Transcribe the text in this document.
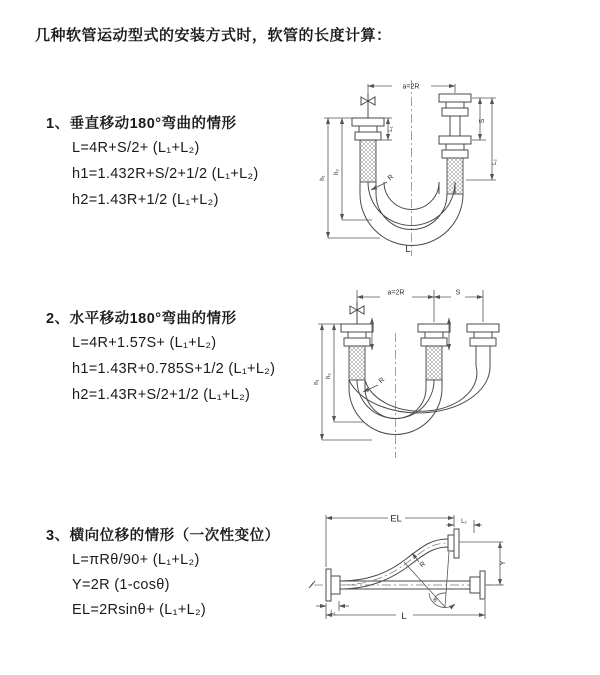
几种软管运动型式的安装方式时，软管的长度计算：
1、垂直移动180°弯曲的情形
L=4R+S/2+ (L₁+L₂)
h1=1.432R+S/2+1/2 (L₁+L₂)
h2=1.43R+1/2 (L₁+L₂)
2、水平移动180°弯曲的情形
L=4R+1.57S+ (L₁+L₂)
h1=1.43R+0.785S+1/2 (L₁+L₂)
h2=1.43R+S/2+1/2 (L₁+L₂)
3、横向位移的情形（一次性变位）
L=πRθ/90+ (L₁+L₂)
Y=2R (1-cosθ)
EL=2Rsinθ+ (L₁+L₂)
a=2R
S
L₂
h₁
h₂
L₁
R
L
a=2R	S
h₁
h₂
R
EL	L₂
Y
R
θ
L
L₁
